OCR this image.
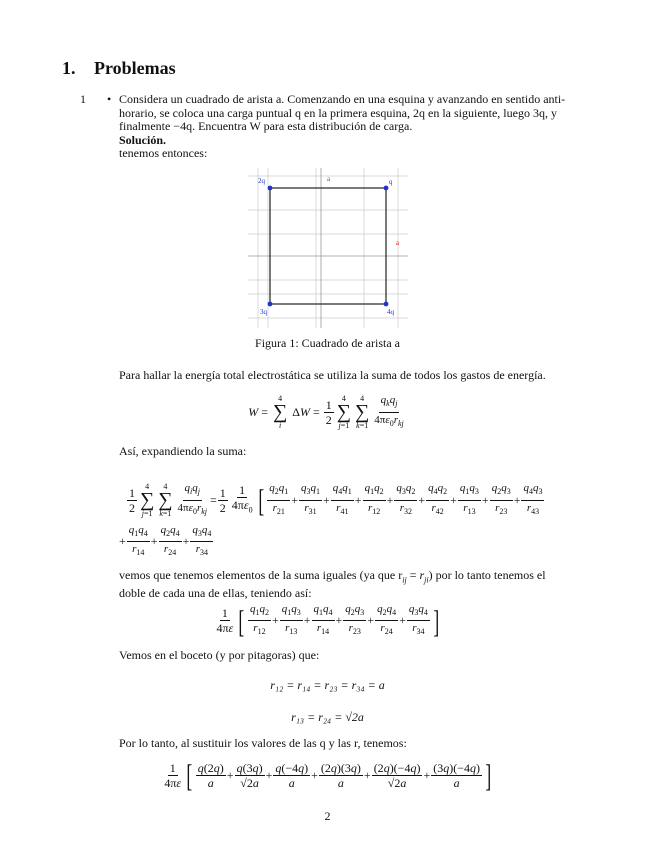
1. Problemas
1 • Considera un cuadrado de arista a. Comenzando en una esquina y avanzando en sentido anti-
horario, se coloca una carga puntual q en la primera esquina, 2q en la siguiente, luego 3q, y
finalmente −4q. Encuentra W para esta distribución de carga.
Solución.
tenemos entonces:
2q	q
3q	4q
a
a
Figura 1: Cuadrado de arista a
Para hallar la energía total electrostática se utiliza la suma de todos los gastos de energía.
W =
4
∑
i
Δ W = 1
2
4
∑
j=1
4
∑
k=1
$q_kq_j$
$4\pi\varepsilon_0r_{kj}$
Así, expandiendo la suma:
1
2
4
∑
j=1
4
∑
k=1
$q_iq_j$
$4\pi\varepsilon_0r_{kj}$
= 1
2
1
$4\pi\varepsilon_0$ [ $q_2q_1$
$r_{21}$
+
$q_3q_1$
$r_{31}$
+
$q_4q_1$
$r_{41}$
+
$q_1q_2$
$r_{12}$
+
$q_3q_2$
$r_{32}$
+
$q_4q_2$
$r_{42}$
+
$q_1q_3$
$r_{13}$
+
$q_2q_3$
$r_{23}$
+
$q_4q_3$
$r_{43}$
+
$q_1q_4$
$r_{14}$
+
$q_2q_4$
$r_{24}$
+
$q_3q_4$
$r_{34}$
vemos que tenemos elementos de la suma iguales (ya que $r_{ij} = r_{ji}$) por lo tanto tenemos el
doble de cada una de ellas, teniendo así:
1
4πε [ $q_1q_2$
$r_{12}$
+
$q_1q_3$
$r_{13}$
+
$q_1q_4$
$r_{14}$
+
$q_2q_3$
$r_{23}$
+
$q_2q_4$
$r_{24}$
+
$q_3q_4$
$r_{34}$ ]
Vemos en el boceto (y por pitagoras) que:
r₁₂ = r₁₄ = r₂₃ = r₃₄ = a
r₁₃ = r₂₄ = √2a
Por lo tanto, al sustituir los valores de las q y las r, tenemos:
1
4πε [ q(2q)
a
+ q(3q)
√2a
+ q(−4q)
a
+ (2q)(3q)
a
+ (2q)(−4q)
√2a
+ (3q)(−4q)
a ]
2
